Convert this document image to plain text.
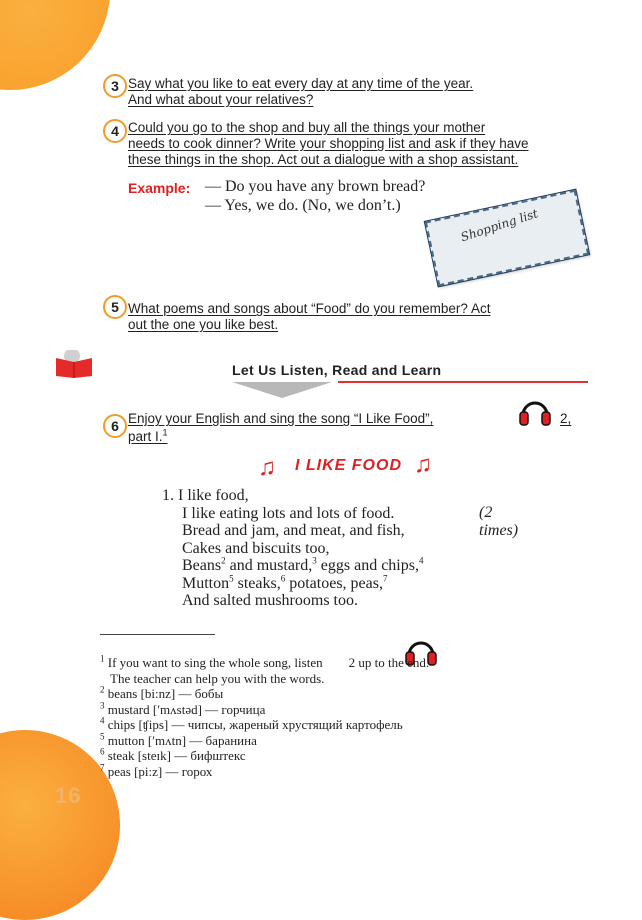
16
3 Say what you like to eat every day at any time of the year.
And what about your relatives?
4 Could you go to the shop and buy all the things your mother
needs to cook dinner? Write your shopping list and ask if they have
these things in the shop. Act out a dialogue with a shop assistant.
Example: — Do you have any brown bread?
— Yes, we do. (No, we don’t.)
Shopping list
5 What poems and songs about “Food” do you remember? Act
out the one you like best.
Let Us Listen, Read and Learn
6 Enjoy your English and sing the song “I Like Food”,	2,
part I.$^1$
♫ I LIKE FOOD ♫
1. I like food,
I like eating lots and lots of food.	(2 times)
Bread and jam, and meat, and fish,
Cakes and biscuits too,
Beans$^2$ and mustard,$^3$ eggs and chips,$^4$
Mutton$^5$ steaks,$^6$ potatoes, peas,$^7$
And salted mushrooms too.
$^1$ If you want to sing the whole song, listen 2 up to the end.
The teacher can help you with the words.
$^2$ beans [bi:nz] — бобы
$^3$ mustard [ʹmʌstəd] — горчица
$^4$ chips [ʧips] — чипсы, жареный хрустящий картофель
$^5$ mutton [ʹmʌtn] — баранина
$^6$ steak [steɪk] — бифштекс
$^7$ peas [pi:z] — горох
